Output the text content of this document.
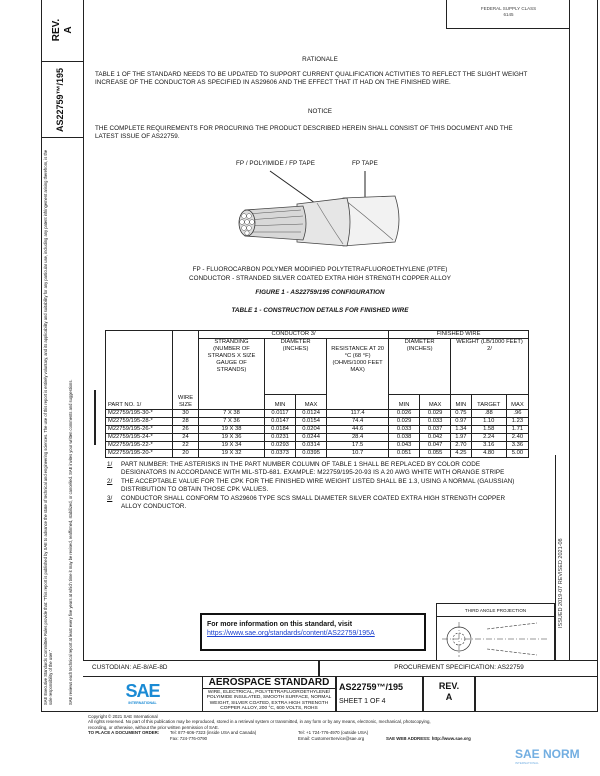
REV. A
AS22759™/195
SAE Executive Standards Committee Rules provide that: "This report is published by SAE to advance the state of technical and engineering sciences. The use of this report is entirely voluntary, and its applicability and suitability for any particular use, including any patent infringement arising therefrom, is the sole responsibility of the user."	SAE reviews each technical report at least every five years at which time it may be revised, reaffirmed, stabilized, or cancelled. SAE invites your written comments and suggestions.
FEDERAL SUPPLY CLASS
6145
RATIONALE
TABLE 1 OF THE STANDARD NEEDS TO BE UPDATED TO SUPPORT CURRENT QUALIFICATION ACTIVITIES TO REFLECT THE SLIGHT WEIGHT INCREASE OF THE CONDUCTOR AS SPECIFIED IN AS29606 AND THE EFFECT THAT IT HAD ON THE FINISHED WIRE.
NOTICE
THE COMPLETE REQUIREMENTS FOR PROCURING THE PRODUCT DESCRIBED HEREIN SHALL CONSIST OF THIS DOCUMENT AND THE LATEST ISSUE OF AS22759.
FP / POLYIMIDE / FP TAPE	FP TAPE
FP - FLUOROCARBON POLYMER MODIFIED POLYTETRAFLUOROETHYLENE (PTFE)
CONDUCTOR - STRANDED SILVER COATED EXTRA HIGH STRENGTH COPPER ALLOY
FIGURE 1 - AS22759/195 CONFIGURATION
TABLE 1 - CONSTRUCTION DETAILS FOR FINISHED WIRE
		CONDUCTOR 3/				FINISHED WIRE				
		STRANDING (NUMBER OF STRANDS X SIZE GAUGE OF STRANDS)	DIAMETER (INCHES)		RESISTANCE AT 20 °C (68 °F) (OHMS/1000 FEET MAX)	DIAMETER (INCHES)		WEIGHT (LB/1000 FEET) 2/		
PART NO. 1/	WIRE SIZE		MIN	MAX		MIN	MAX	MIN	TARGET	MAX
M22759/195-30-*	30	7 X 38	0.0117	0.0124	117.4	0.026	0.029	0.75	.88	.96
M22759/195-28-*	28	7 X 36	0.0147	0.0154	74.4	0.029	0.033	0.97	1.10	1.23
M22759/195-26-*	26	19 X 38	0.0184	0.0204	44.6	0.033	0.037	1.34	1.58	1.71
M22759/195-24-*	24	19 X 36	0.0231	0.0244	28.4	0.038	0.042	1.97	2.24	2.40
M22759/195-22-*	22	19 X 34	0.0293	0.0314	17.5	0.043	0.047	2.70	3.16	3.36
M22759/195-20-*	20	19 X 32	0.0373	0.0395	10.7	0.051	0.055	4.25	4.80	5.00
1/	PART NUMBER: THE ASTERISKS IN THE PART NUMBER COLUMN OF TABLE 1 SHALL BE REPLACED BY COLOR CODE DESIGNATORS IN ACCORDANCE WITH MIL-STD-681. EXAMPLE: M22759/195-20-93 IS A 20 AWG WHITE WITH ORANGE STRIPE
2/	THE ACCEPTABLE VALUE FOR THE CPK FOR THE FINISHED WIRE WEIGHT LISTED SHALL BE 1.3, USING A NORMAL (GAUSSIAN) DISTRIBUTION TO OBTAIN THOSE CPK VALUES.
3/	CONDUCTOR SHALL CONFORM TO AS29606 TYPE SCS SMALL DIAMETER SILVER COATED EXTRA HIGH STRENGTH COPPER ALLOY CONDUCTOR.
ISSUED 2019-07 REVISED 2021-08
For more information on this standard, visit
https://www.sae.org/standards/content/AS22759/195A
THIRD ANGLE PROJECTION
CUSTODIAN: AE-8/AE-8D	PROCUREMENT SPECIFICATION: AS22759
SAE
INTERNATIONAL
AEROSPACE STANDARD
WIRE, ELECTRICAL, POLYTETRAFLUOROETHYLENE/ POLYIMIDE INSULATED, SMOOTH SURFACE, NORMAL WEIGHT, SILVER COATED, EXTRA HIGH STRENGTH COPPER ALLOY, 200 °C, 600 VOLTS, ROHS
AS22759™/195
SHEET 1 OF 4
REV.
A
Copyright © 2021 SAE International
All rights reserved. No part of this publication may be reproduced, stored in a retrieval system or transmitted, in any form or by any means, electronic, mechanical, photocopying,
recording, or otherwise, without the prior written permission of SAE.
TO PLACE A DOCUMENT ORDER:	Tel: 877-606-7323 (inside USA and Canada)	Tel: +1 724-776-4970 (outside USA)
Fax: 724-776-0790	Email: CustomerService@sae.org	SAE WEB ADDRESS: http://www.sae.org
SAE NORM
INTERNATIONAL
